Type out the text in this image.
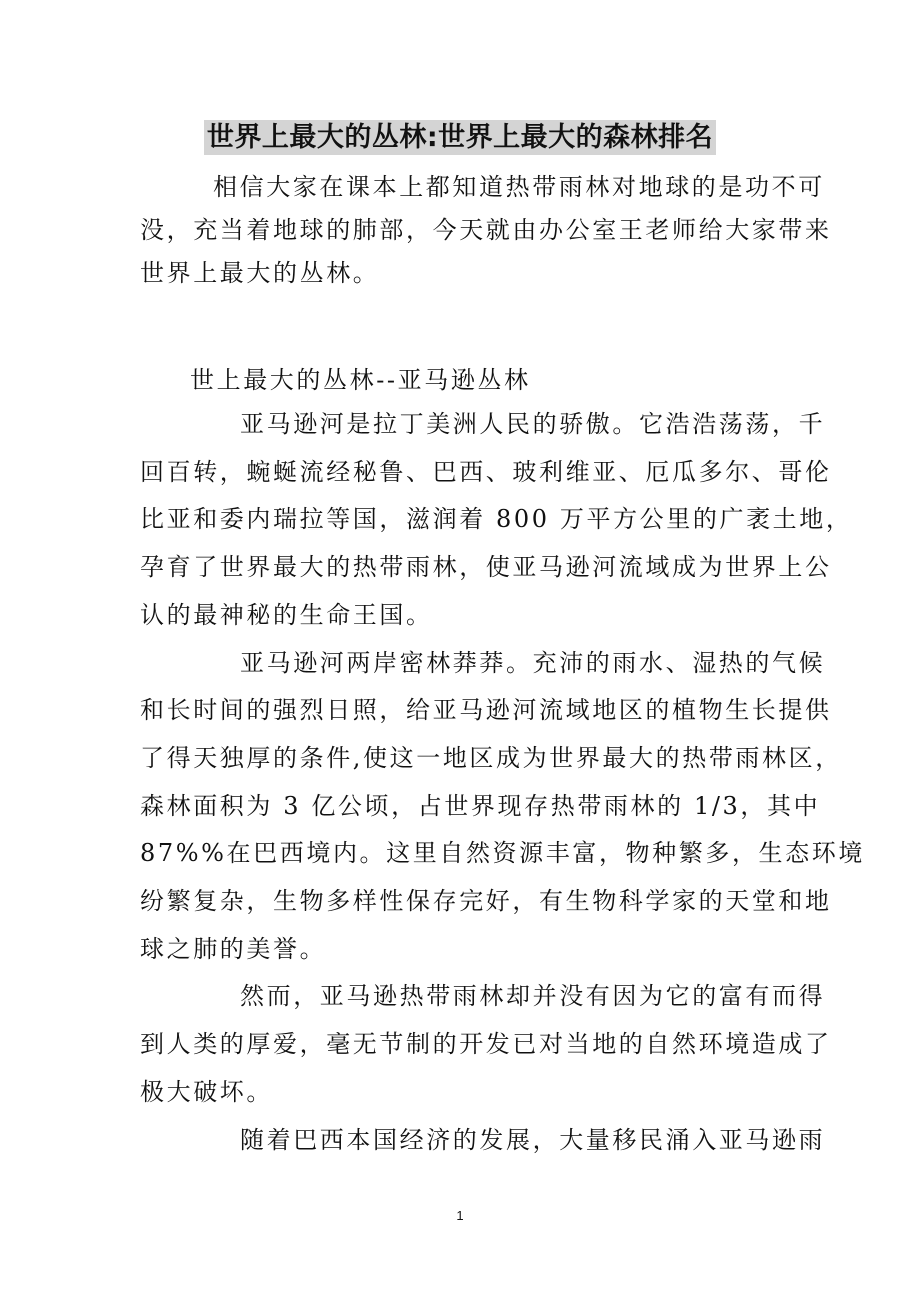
世界上最大的丛林:世界上最大的森林排名
相信大家在课本上都知道热带雨林对地球的是功不可
没，充当着地球的肺部，今天就由办公室王老师给大家带来
世界上最大的丛林。
世上最大的丛林--亚马逊丛林
亚马逊河是拉丁美洲人民的骄傲。它浩浩荡荡，千
回百转，蜿蜒流经秘鲁、巴西、玻利维亚、厄瓜多尔、哥伦
比亚和委内瑞拉等国，滋润着 800 万平方公里的广袤土地，
孕育了世界最大的热带雨林，使亚马逊河流域成为世界上公
认的最神秘的生命王国。
亚马逊河两岸密林莽莽。充沛的雨水、湿热的气候
和长时间的强烈日照，给亚马逊河流域地区的植物生长提供
了得天独厚的条件,使这一地区成为世界最大的热带雨林区，
森林面积为 3 亿公顷，占世界现存热带雨林的 1/3，其中
87%%在巴西境内。这里自然资源丰富，物种繁多，生态环境
纷繁复杂，生物多样性保存完好，有生物科学家的天堂和地
球之肺的美誉。
然而，亚马逊热带雨林却并没有因为它的富有而得
到人类的厚爱，毫无节制的开发已对当地的自然环境造成了
极大破坏。
随着巴西本国经济的发展，大量移民涌入亚马逊雨
1
